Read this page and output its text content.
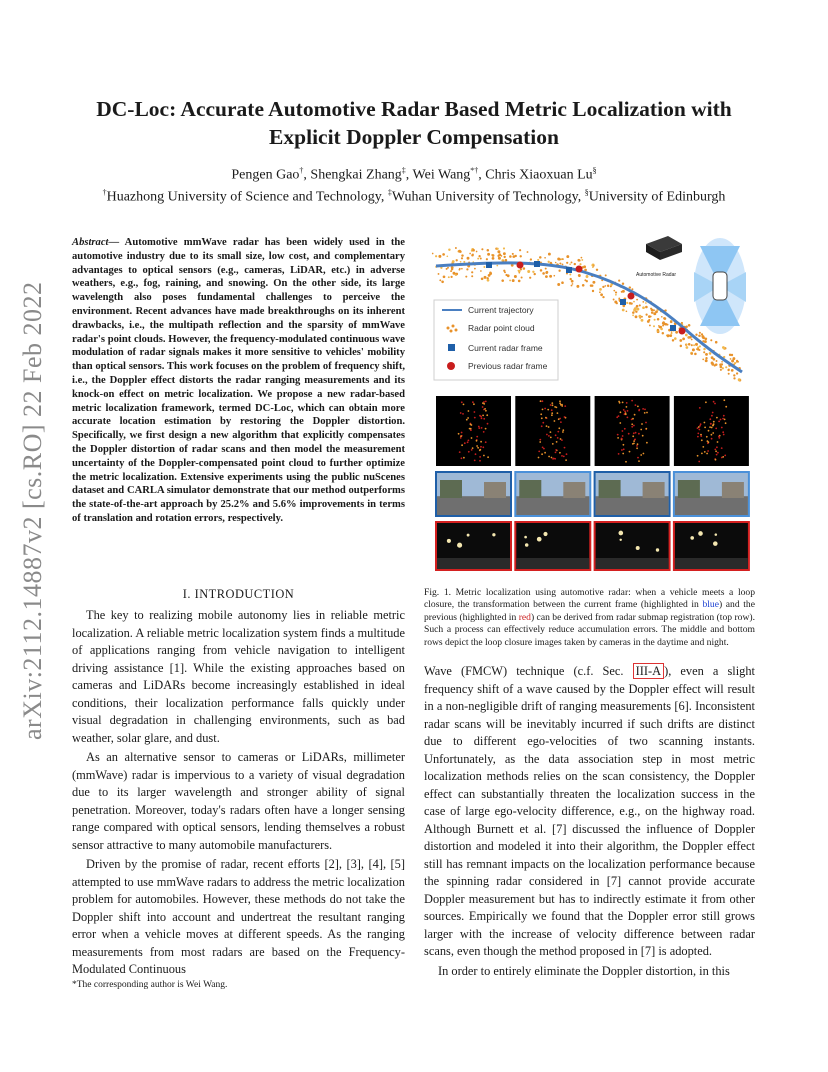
arXiv:2112.14887v2 [cs.RO] 22 Feb 2022
DC-Loc: Accurate Automotive Radar Based Metric Localization with Explicit Doppler Compensation
Pengen Gao†, Shengkai Zhang‡, Wei Wang*†, Chris Xiaoxuan Lu§
†Huazhong University of Science and Technology, ‡Wuhan University of Technology, §University of Edinburgh
Abstract— Automotive mmWave radar has been widely used in the automotive industry due to its small size, low cost, and complementary advantages to optical sensors (e.g., cameras, LiDAR, etc.) in adverse weathers, e.g., fog, raining, and snowing. On the other side, its large wavelength also poses fundamental challenges to perceive the environment. Recent advances have made breakthroughs on its inherent drawbacks, i.e., the multipath reflection and the sparsity of mmWave radar's point clouds. However, the frequency-modulated continuous wave modulation of radar signals makes it more sensitive to vehicles' mobility than optical sensors. This work focuses on the problem of frequency shift, i.e., the Doppler effect distorts the radar ranging measurements and its knock-on effect on metric localization. We propose a new radar-based metric localization framework, termed DC-Loc, which can obtain more accurate location estimation by restoring the Doppler distortion. Specifically, we first design a new algorithm that explicitly compensates the Doppler distortion of radar scans and then model the measurement uncertainty of the Doppler-compensated point cloud to further optimize the metric localization. Extensive experiments using the public nuScenes dataset and CARLA simulator demonstrate that our method outperforms the state-of-the-art approach by 25.2% and 5.6% improvements in terms of translation and rotation errors, respectively.
I. INTRODUCTION

The key to realizing mobile autonomy lies in reliable metric localization. A reliable metric localization system finds a multitude of applications ranging from vehicle navigation to intelligent driving assistance [1]. While the existing approaches based on cameras and LiDARs become increasingly established in ideal conditions, their localization performance falls quickly under visual degradation in challenging environments, such as bad weather, solar glare, and dust.

As an alternative sensor to cameras or LiDARs, millimeter (mmWave) radar is impervious to a variety of visual degradation due to its larger wavelength and stronger ability of signal penetration. Moreover, today's radars often have a longer sensing range compared with optical sensors, lending themselves a robust sensor attractive to many automobile manufacturers.

Driven by the promise of radar, recent efforts [2], [3], [4], [5] attempted to use mmWave radars to address the metric localization problem for automobiles. However, these methods do not take the Doppler shift into account and undertreat the resultant ranging error when a vehicle moves at different speeds. As the ranging measurements from most radars are based on the Frequency-Modulated Continuous

*The corresponding author is Wei Wang.
Automotive Radar
Current trajectory
Radar point cloud
Current radar frame
Previous radar frame
Fig. 1. Metric localization using automotive radar: when a vehicle meets a loop closure, the transformation between the current frame (highlighted in blue) and the previous (highlighted in red) can be derived from radar submap registration (top row). Such a process can effectively reduce accumulation errors. The middle and bottom rows depict the loop closure images taken by cameras in the daytime and night.

Wave (FMCW) technique (c.f. Sec. III-A ), even a slight frequency shift of a wave caused by the Doppler effect will result in a non-negligible drift of ranging measurements [6]. Inconsistent radar scans will be inevitably incurred if such drifts are distinct due to different ego-velocities of two scanning instants. Unfortunately, as the data association step in most metric localization methods relies on the scan consistency, the Doppler effect can substantially threaten the localization success in the case of large ego-velocity difference, e.g., on the highway road. Although Burnett et al. [7] discussed the influence of Doppler distortion and modeled it into their algorithm, the Doppler effect still has remnant impacts on the localization performance because the spinning radar considered in [7] cannot provide accurate Doppler measurement but has to indirectly estimate it from other sources. Empirically we found that the Doppler error still grows larger with the increase of velocity difference between radar scans, even though the method proposed in [7] is adopted.

In order to entirely eliminate the Doppler distortion, in this
